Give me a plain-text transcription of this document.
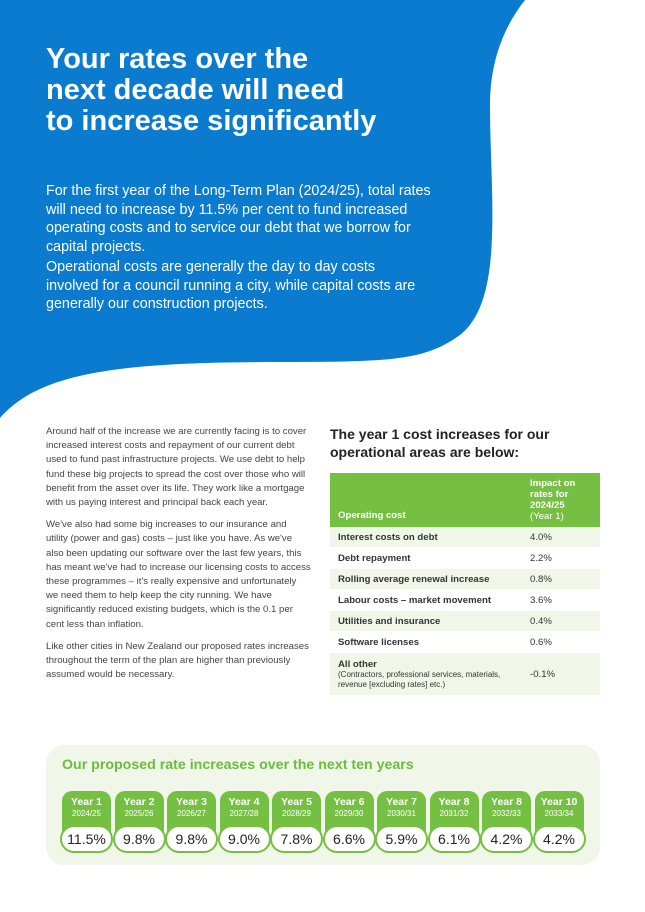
Your rates over the
next decade will need
to increase significantly

For the first year of the Long-Term Plan (2024/25), total rates will need to increase by 11.5% per cent to fund increased operating costs and to service our debt that we borrow for capital projects.

Operational costs are generally the day to day costs involved for a council running a city, while capital costs are generally our construction projects.

Around half of the increase we are currently facing is to cover increased interest costs and repayment of our current debt used to fund past infrastructure projects. We use debt to help fund these big projects to spread the cost over those who will benefit from the asset over its life. They work like a mortgage with us paying interest and principal back each year.

We've also had some big increases to our insurance and utility (power and gas) costs – just like you have. As we've also been updating our software over the last few years, this has meant we've had to increase our licensing costs to access these programmes – it's really expensive and unfortunately we need them to help keep the city running. We have significantly reduced existing budgets, which is the 0.1 per cent less than inflation.

Like other cities in New Zealand our proposed rates increases throughout the term of the plan are higher than previously assumed would be necessary.

The year 1 cost increases for our
operational areas are below:
Operating cost	Impact on
rates for
2024/25
(Year 1)
Interest costs on debt	4.0%
Debt repayment	2.2%
Rolling average renewal increase	0.8%
Labour costs – market movement	3.6%
Utilities and insurance	0.4%
Software licenses	0.6%
All other
(Contractors, professional services, materials, revenue [excluding rates] etc.)	-0.1%
Our proposed rate increases over the next ten years
Year 1
2024/25
11.5%
Year 2
2025/26
9.8%
Year 3
2026/27
9.8%
Year 4
2027/28
9.0%
Year 5
2028/29
7.8%
Year 6
2029/30
6.6%
Year 7
2030/31
5.9%
Year 8
2031/32
6.1%
Year 8
2032/33
4.2%
Year 10
2033/34
4.2%
